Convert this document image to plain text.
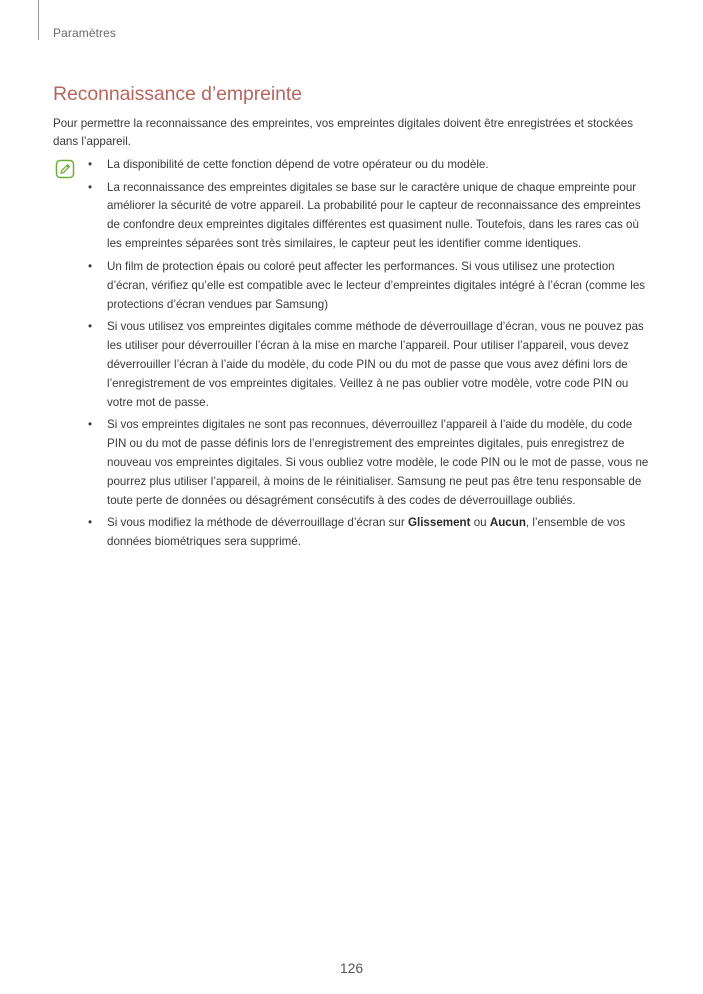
Paramètres
Reconnaissance d’empreinte

Pour permettre la reconnaissance des empreintes, vos empreintes digitales doivent être enregistrées et stockées dans l’appareil.

• La disponibilité de cette fonction dépend de votre opérateur ou du modèle.
• La reconnaissance des empreintes digitales se base sur le caractère unique de chaque empreinte pour améliorer la sécurité de votre appareil. La probabilité pour le capteur de reconnaissance des empreintes de confondre deux empreintes digitales différentes est quasiment nulle. Toutefois, dans les rares cas où les empreintes séparées sont très similaires, le capteur peut les identifier comme identiques.
• Un film de protection épais ou coloré peut affecter les performances. Si vous utilisez une protection d’écran, vérifiez qu’elle est compatible avec le lecteur d’empreintes digitales intégré à l’écran (comme les protections d’écran vendues par Samsung)
• Si vous utilisez vos empreintes digitales comme méthode de déverrouillage d’écran, vous ne pouvez pas les utiliser pour déverrouiller l’écran à la mise en marche l’appareil. Pour utiliser l’appareil, vous devez déverrouiller l’écran à l’aide du modèle, du code PIN ou du mot de passe que vous avez défini lors de l’enregistrement de vos empreintes digitales. Veillez à ne pas oublier votre modèle, votre code PIN ou votre mot de passe.
• Si vos empreintes digitales ne sont pas reconnues, déverrouillez l’appareil à l’aide du modèle, du code PIN ou du mot de passe définis lors de l’enregistrement des empreintes digitales, puis enregistrez de nouveau vos empreintes digitales. Si vous oubliez votre modèle, le code PIN ou le mot de passe, vous ne pourrez plus utiliser l’appareil, à moins de le réinitialiser. Samsung ne peut pas être tenu responsable de toute perte de données ou désagrément consécutifs à des codes de déverrouillage oubliés.
• Si vous modifiez la méthode de déverrouillage d’écran sur Glissement ou Aucun, l’ensemble de vos données biométriques sera supprimé.
126
